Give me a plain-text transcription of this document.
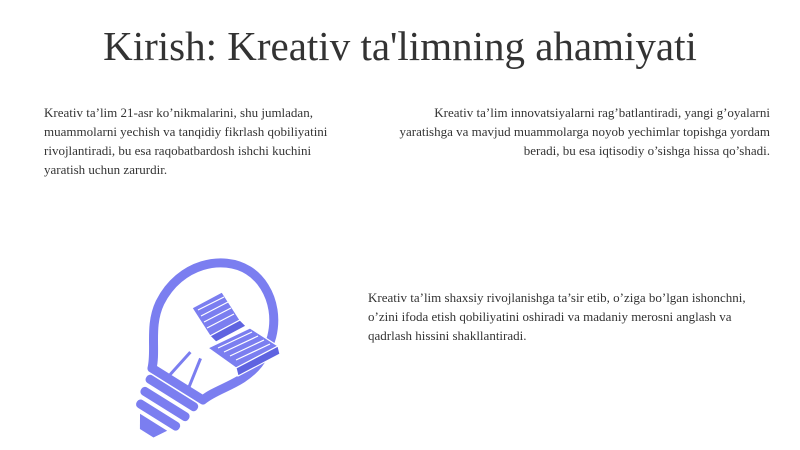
Kirish: Kreativ ta'limning ahamiyati

Kreativ ta’lim 21-asr ko’nikmalarini, shu jumladan, muammolarni yechish va tanqidiy fikrlash qobiliyatini rivojlantiradi, bu esa raqobatbardosh ishchi kuchini yaratish uchun zarurdir.

Kreativ ta’lim innovatsiyalarni rag’batlantiradi, yangi g’oyalarni yaratishga va mavjud muammolarga noyob yechimlar topishga yordam beradi, bu esa iqtisodiy o’sishga hissa qo’shadi.

Kreativ ta’lim shaxsiy rivojlanishga ta’sir etib, o’ziga bo’lgan ishonchni, o’zini ifoda etish qobiliyatini oshiradi va madaniy merosni anglash va qadrlash hissini shakllantiradi.
